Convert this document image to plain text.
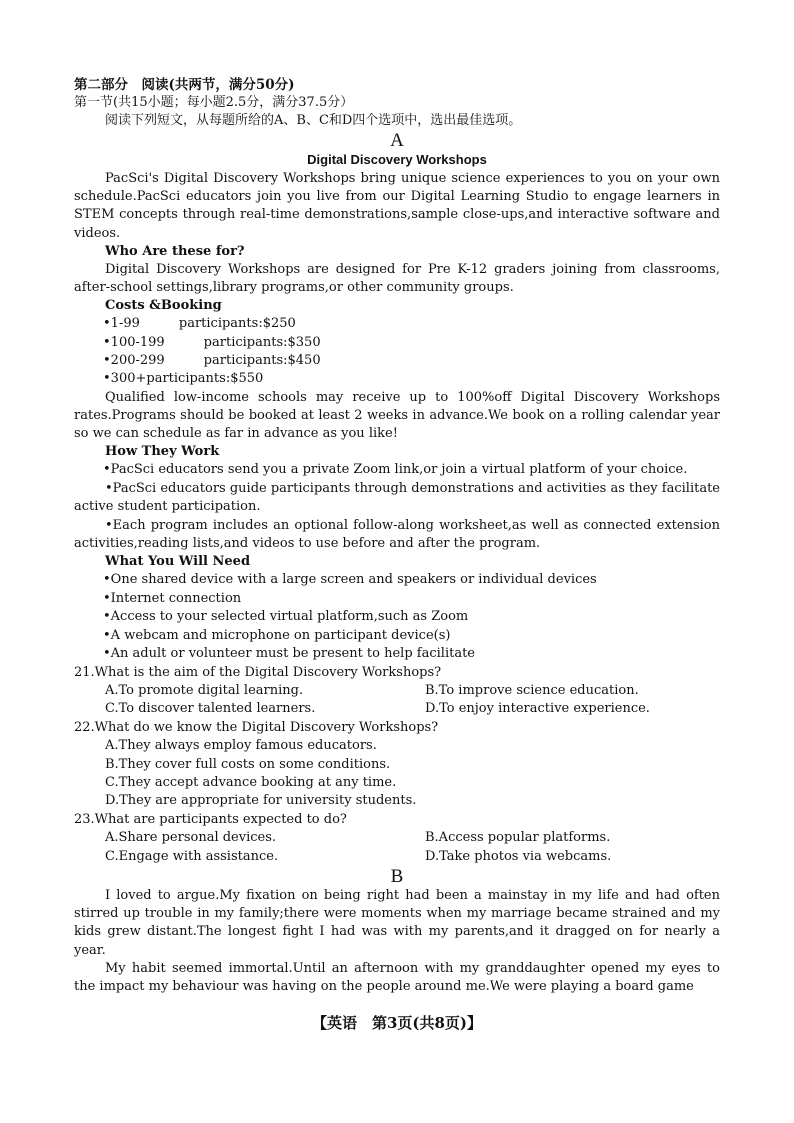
第二部分　阅读(共两节，满分50分)

第一节(共15小题；每小题2.5分，满分37.5分）

阅读下列短文，从每题所给的A、B、C和D四个选项中，选出最佳选项。

A

Digital Discovery Workshops

PacSci's Digital Discovery Workshops bring unique science experiences to you on your own schedule.PacSci educators join you live from our Digital Learning Studio to engage learners in STEM concepts through real-time demonstrations,sample close-ups,and interactive software and videos.

Who Are these for?

Digital Discovery Workshops are designed for Pre K-12 graders joining from classrooms, after-school settings,library programs,or other community groups.

Costs &Booking

•1-99　　　participants:$250

•100-199　　　participants:$350

•200-299　　　participants:$450

•300+participants:$550

Qualified low-income schools may receive up to 100%off Digital Discovery Workshops rates.Programs should be booked at least 2 weeks in advance.We book on a rolling calendar year so we can schedule as far in advance as you like!

How They Work

•PacSci educators send you a private Zoom link,or join a virtual platform of your choice.

•PacSci educators guide participants through demonstrations and activities as they facilitate active student participation.

•Each program includes an optional follow-along worksheet,as well as connected extension activities,reading lists,and videos to use before and after the program.

What You Will Need

•One shared device with a large screen and speakers or individual devices

•Internet connection

•Access to your selected virtual platform,such as Zoom

•A webcam and microphone on participant device(s)

•An adult or volunteer must be present to help facilitate

21.What is the aim of the Digital Discovery Workshops?

A.To promote digital learning.	B.To improve science education.
C.To discover talented learners.	D.To enjoy interactive experience.

22.What do we know the Digital Discovery Workshops?

A.They always employ famous educators.

B.They cover full costs on some conditions.

C.They accept advance booking at any time.

D.They are appropriate for university students.

23.What are participants expected to do?

A.Share personal devices.	B.Access popular platforms.
C.Engage with assistance.	D.Take photos via webcams.

B

I loved to argue.My fixation on being right had been a mainstay in my life and had often stirred up trouble in my family;there were moments when my marriage became strained and my kids grew distant.The longest fight I had was with my parents,and it dragged on for nearly a year.

My habit seemed immortal.Until an afternoon with my granddaughter opened my eyes to the impact my behaviour was having on the people around me.We were playing a board game

【英语　第3页(共8页)】
